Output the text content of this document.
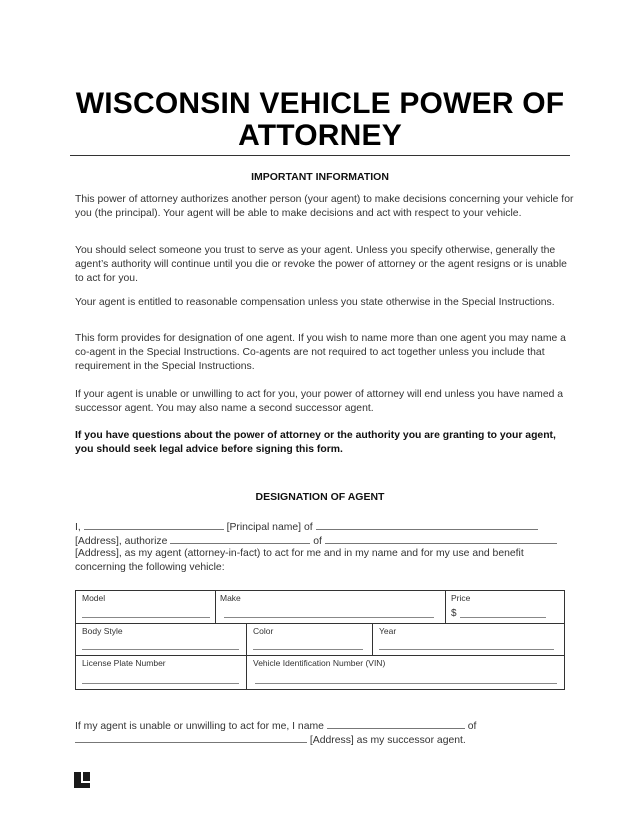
WISCONSIN VEHICLE POWER OF
ATTORNEY
IMPORTANT INFORMATION
This power of attorney authorizes another person (your agent) to make decisions concerning your vehicle for you (the principal). Your agent will be able to make decisions and act with respect to your vehicle.
You should select someone you trust to serve as your agent. Unless you specify otherwise, generally the agent’s authority will continue until you die or revoke the power of attorney or the agent resigns or is unable to act for you.
Your agent is entitled to reasonable compensation unless you state otherwise in the Special Instructions.
This form provides for designation of one agent. If you wish to name more than one agent you may name a co-agent in the Special Instructions. Co-agents are not required to act together unless you include that requirement in the Special Instructions.
If your agent is unable or unwilling to act for you, your power of attorney will end unless you have named a successor agent. You may also name a second successor agent.
If you have questions about the power of attorney or the authority you are granting to your agent, you should seek legal advice before signing this form.
DESIGNATION OF AGENT
I,	[Principal name] of
[Address], authorize	of
[Address], as my agent (attorney-in-fact) to act for me and in my name and for my use and benefit
concerning the following vehicle:
Model	Make	Price
$
Body Style	Color	Year
License Plate Number	Vehicle Identification Number (VIN)
If my agent is unable or unwilling to act for me, I name	of
[Address] as my successor agent.
